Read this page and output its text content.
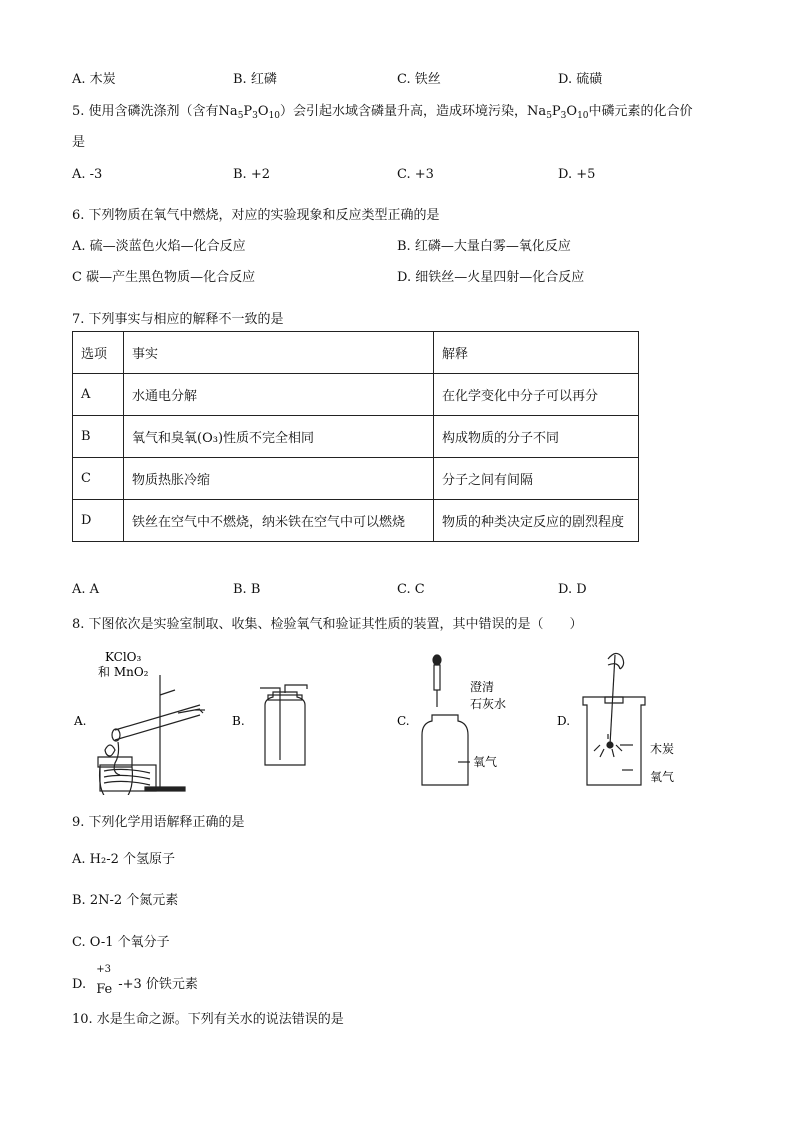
A. 木炭	B. 红磷	C. 铁丝	D. 硫磺
5. 使用含磷洗涤剂（含有$Na_5P_3O_{10}$）会引起水域含磷量升高，造成环境污染，$Na_5P_3O_{10}$中磷元素的化合价
是
A. -3	B. +2	C. +3	D. +5
6. 下列物质在氧气中燃烧，对应的实验现象和反应类型正确的是
A. 硫—淡蓝色火焰—化合反应	B. 红磷—大量白雾—氧化反应
C 碳—产生黑色物质—化合反应	D. 细铁丝—火星四射—化合反应
7. 下列事实与相应的解释不一致的是
选项	事实	解释
A	水通电分解	在化学变化中分子可以再分
B	氧气和臭氧(O₃)性质不完全相同	构成物质的分子不同
C	物质热胀冷缩	分子之间有间隔
D	铁丝在空气中不燃烧，纳米铁在空气中可以燃烧	物质的种类决定反应的剧烈程度
A. A	B. B	C. C	D. D
8. 下图依次是实验室制取、收集、检验氧气和验证其性质的装置，其中错误的是（　　）
A.	B.	C.	D.
KClO₃
和 MnO₂
澄清
石灰水
氧气
木炭
氧气
9. 下列化学用语解释正确的是
A. H₂-2 个氢原子
B. 2N-2 个氮元素
C. O-1 个氧分子
D.
+3
Fe -+3 价铁元素
10. 水是生命之源。下列有关水的说法错误的是
